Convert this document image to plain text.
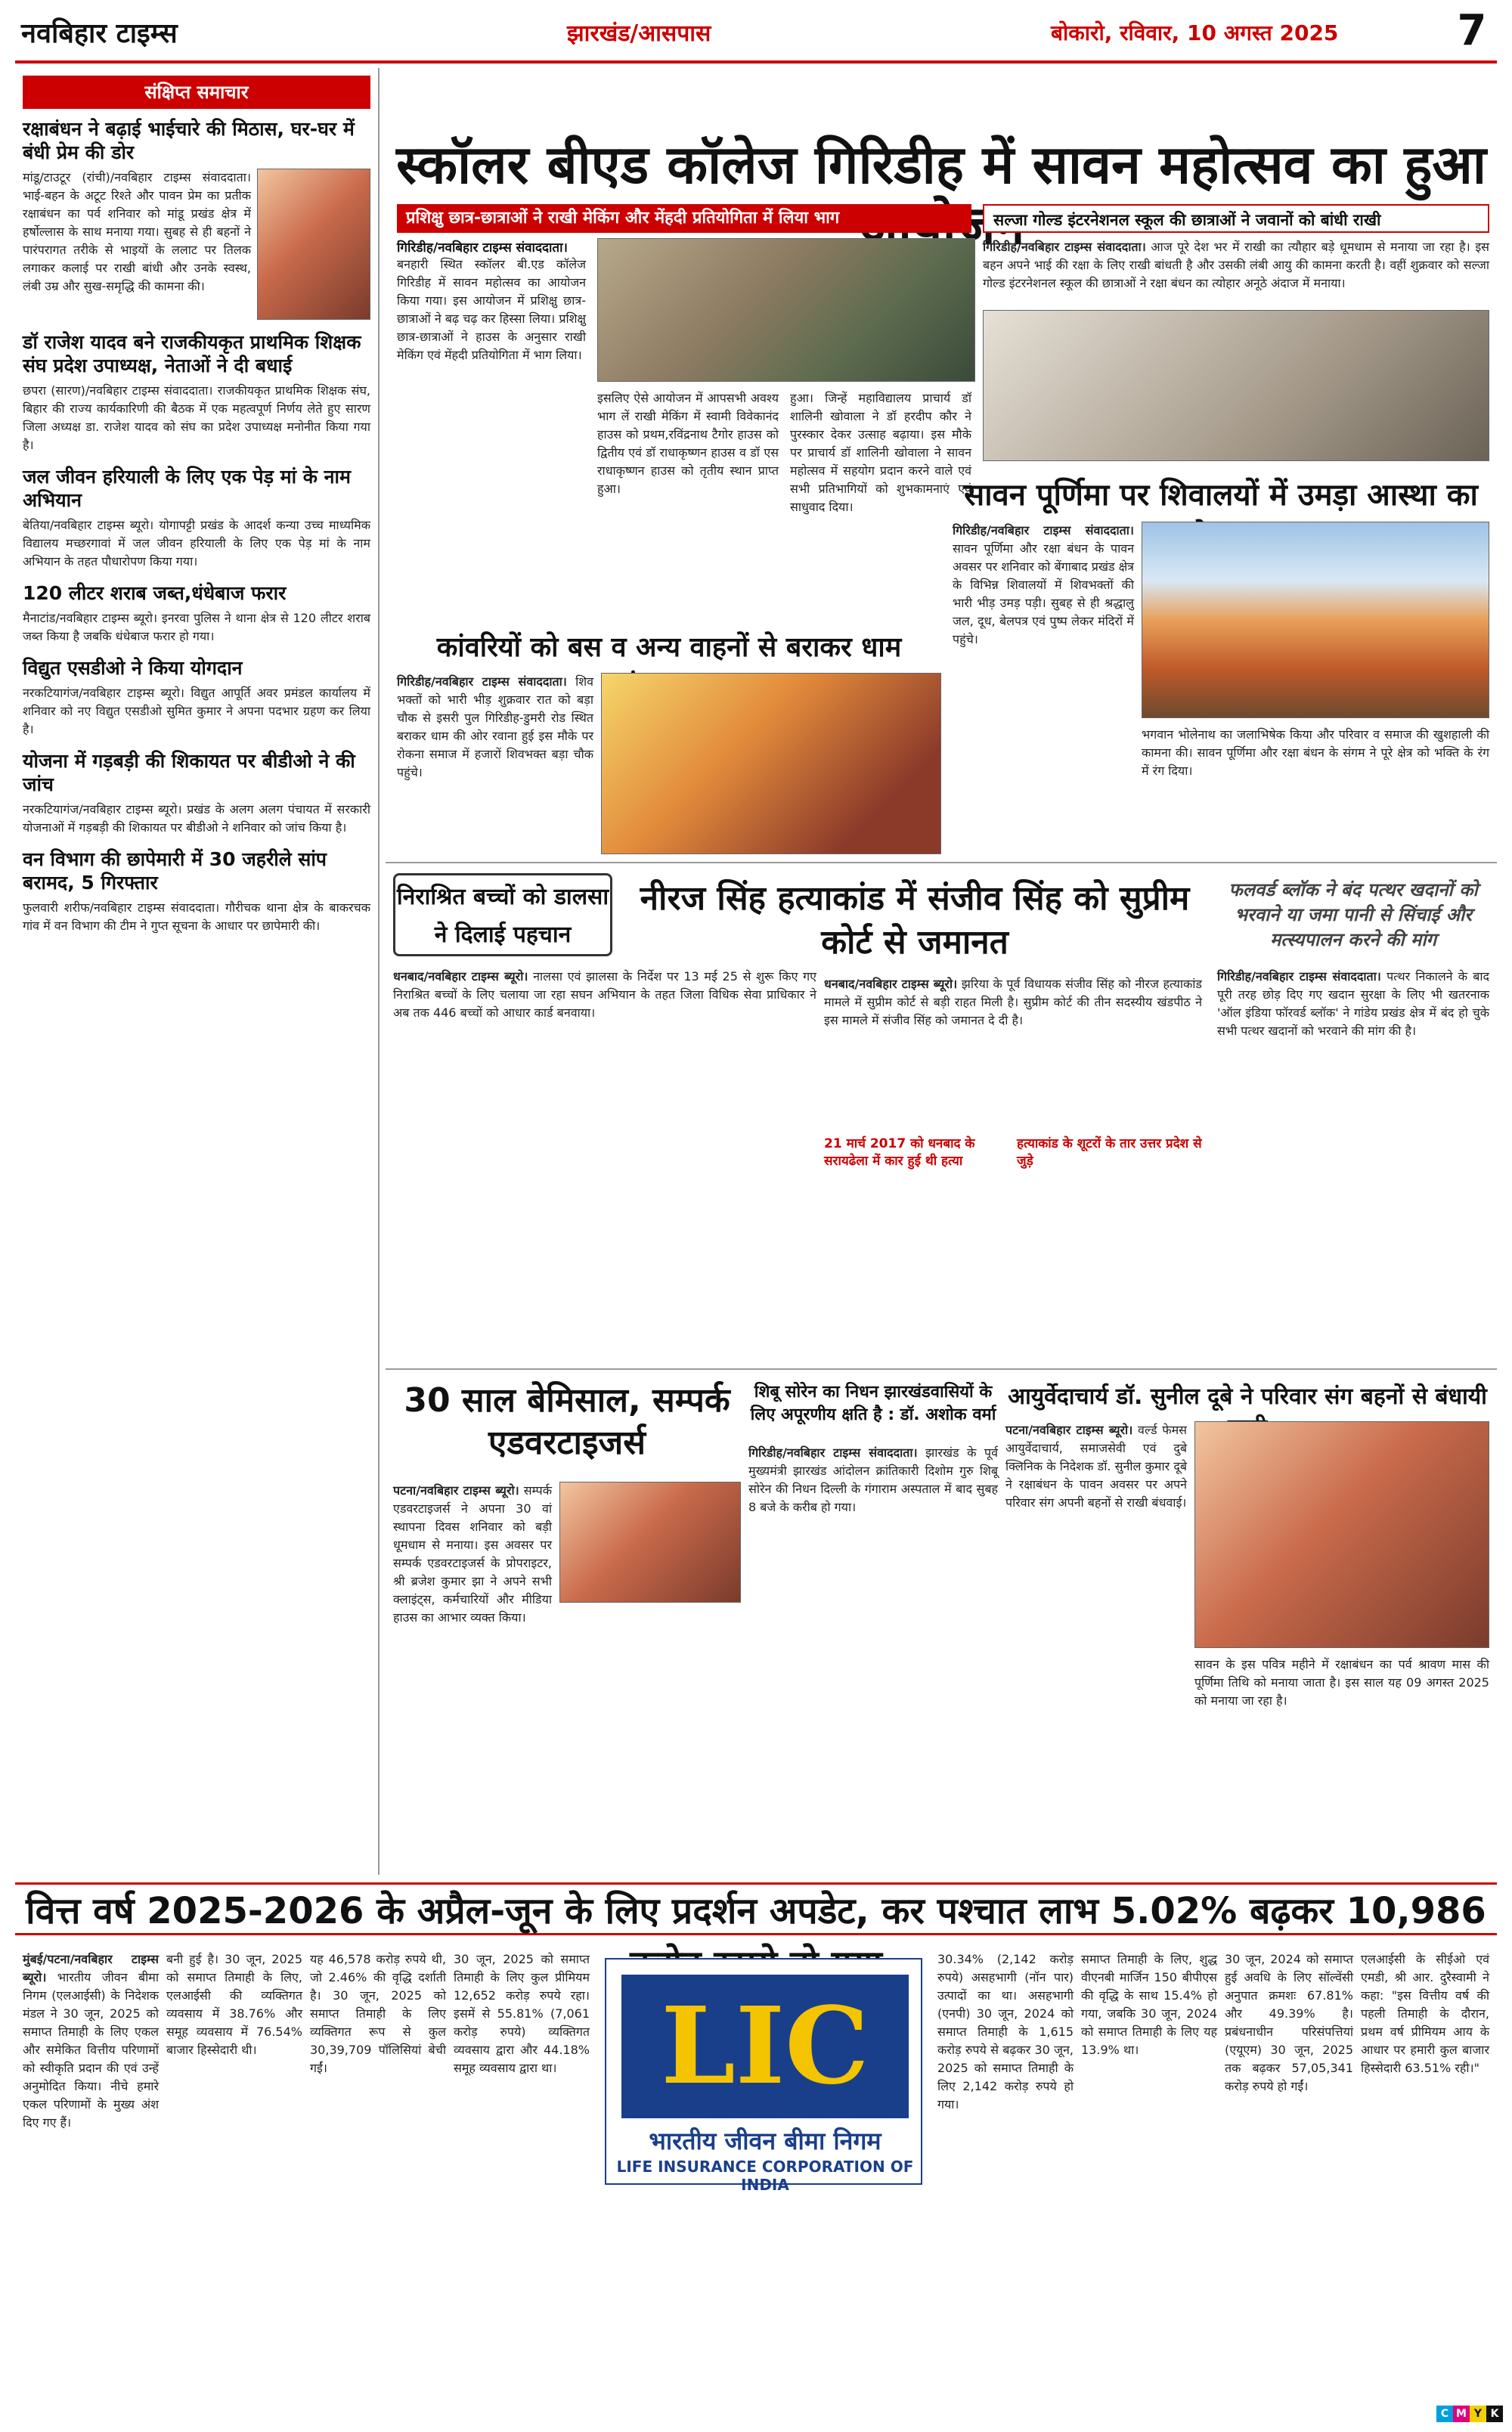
नवबिहार टाइम्स	झारखंड/आसपास	बोकारो, रविवार, 10 अगस्त 2025	7
संक्षिप्त समाचार
रक्षाबंधन ने बढ़ाई भाईचारे की मिठास, घर-घर में बंधी प्रेम की डोर
मांडू/टाउटूर (रांची)/नवबिहार टाइम्स संवाददाता। भाई-बहन के अटूट रिश्ते और पावन प्रेम का प्रतीक रक्षाबंधन का पर्व शनिवार को मांडू प्रखंड क्षेत्र में हर्षोल्लास के साथ मनाया गया। सुबह से ही बहनों ने पारंपरागत तरीके से भाइयों के ललाट पर तिलक लगाकर कलाई पर राखी बांधी और उनके स्वस्थ, लंबी उम्र और सुख-समृद्धि की कामना की।
डॉ राजेश यादव बने राजकीयकृत प्राथमिक शिक्षक संघ प्रदेश उपाध्यक्ष, नेताओं ने दी बधाई
छपरा (सारण)/नवबिहार टाइम्स संवाददाता। राजकीयकृत प्राथमिक शिक्षक संघ, बिहार की राज्य कार्यकारिणी की बैठक में एक महत्वपूर्ण निर्णय लेते हुए सारण जिला अध्यक्ष डा. राजेश यादव को संघ का प्रदेश उपाध्यक्ष मनोनीत किया गया है।
जल जीवन हरियाली के लिए एक पेड़ मां के नाम अभियान
बेतिया/नवबिहार टाइम्स ब्यूरो। योगापट्टी प्रखंड के आदर्श कन्या उच्च माध्यमिक विद्यालय मच्छरगावां में जल जीवन हरियाली के लिए एक पेड़ मां के नाम अभियान के तहत पौधारोपण किया गया।
120 लीटर शराब जब्त,धंधेबाज फरार
मैनाटांड/नवबिहार टाइम्स ब्यूरो। इनरवा पुलिस ने थाना क्षेत्र से 120 लीटर शराब जब्त किया है जबकि धंधेबाज फरार हो गया।
विद्युत एसडीओ ने किया योगदान
नरकटियागंज/नवबिहार टाइम्स ब्यूरो। विद्युत आपूर्ति अवर प्रमंडल कार्यालय में शनिवार को नए विद्युत एसडीओ सुमित कुमार ने अपना पदभार ग्रहण कर लिया है।
योजना में गड़बड़ी की शिकायत पर बीडीओ ने की जांच
नरकटियागंज/नवबिहार टाइम्स ब्यूरो। प्रखंड के अलग अलग पंचायत में सरकारी योजनाओं में गड़बड़ी की शिकायत पर बीडीओ ने शनिवार को जांच किया है।
वन विभाग की छापेमारी में 30 जहरीले सांप बरामद, 5 गिरफ्तार
फुलवारी शरीफ/नवबिहार टाइम्स संवाददाता। गौरीचक थाना क्षेत्र के बाकरचक गांव में वन विभाग की टीम ने गुप्त सूचना के आधार पर छापेमारी की।
स्कॉलर बीएड कॉलेज गिरिडीह में सावन महोत्सव का हुआ
प्रशिक्षु छात्र-छात्राओं ने राखी मेकिंग और मेंहदी प्रतियोगिता में लिया भाग
गिरिडीह/नवबिहार टाइम्स संवाददाता।
बनहारी स्थित स्कॉलर बी.एड कॉलेज गिरिडीह में सावन महोत्सव का आयोजन किया गया। इस आयोजन में प्रशिक्षु छात्र-छात्राओं ने बढ़ चढ़ कर हिस्सा लिया। प्रशिक्षु छात्र-छात्राओं ने हाउस के अनुसार राखी मेकिंग एवं मेंहदी प्रतियोगिता में भाग लिया।
इसलिए ऐसे आयोजन में आपसभी अवश्य भाग लें राखी मेकिंग में स्वामी विवेकानंद हाउस को प्रथम,रविंद्रनाथ टैगोर हाउस को द्वितीय एवं डॉ राधाकृष्णन हाउस व डॉ एस राधाकृष्णन हाउस को तृतीय स्थान प्राप्त हुआ।
हुआ। जिन्हें महाविद्यालय प्राचार्य डॉ शालिनी खोवाला ने डॉ हरदीप कौर ने पुरस्कार देकर उत्साह बढ़ाया। इस मौके पर प्राचार्य डॉ शालिनी खोवाला ने सावन महोत्सव में सहयोग प्रदान करने वाले एवं सभी प्रतिभागियों को शुभकामनाएं एवं साधुवाद दिया।
सल्जा गोल्ड इंटरनेशनल स्कूल की छात्राओं ने जवानों को बांधी राखी
गिरिडीह/नवबिहार टाइम्स संवाददाता। आज पूरे देश भर में राखी का त्यौहार बड़े धूमधाम से मनाया जा रहा है। इस बहन अपने भाई की रक्षा के लिए राखी बांधती है और उसकी लंबी आयु की कामना करती है। वहीं शुक्रवार को सल्जा गोल्ड इंटरनेशनल स्कूल की छात्राओं ने रक्षा बंधन का त्योहार अनूठे अंदाज में मनाया।
सावन पूर्णिमा पर शिवालयों में उमड़ा आस्था का
गिरिडीह/नवबिहार टाइम्स संवाददाता। सावन पूर्णिमा और रक्षा बंधन के पावन अवसर पर शनिवार को बेंगाबाद प्रखंड क्षेत्र के विभिन्न शिवालयों में शिवभक्तों की भारी भीड़ उमड़ पड़ी। सुबह से ही श्रद्धालु जल, दूध, बेलपत्र एवं पुष्प लेकर मंदिरों में पहुंचे।
भगवान भोलेनाथ का जलाभिषेक किया और परिवार व समाज की खुशहाली की कामना की। सावन पूर्णिमा और रक्षा बंधन के संगम ने पूरे क्षेत्र को भक्ति के रंग में रंग दिया।
कांवरियों को बस व अन्य वाहनों से बराकर धाम
गिरिडीह/नवबिहार टाइम्स संवाददाता। शिव भक्तों को भारी भीड़ शुक्रवार रात को बड़ा चौक से इसरी पुल गिरिडीह-डुमरी रोड स्थित बराकर धाम की ओर रवाना हुई इस मौके पर रोकना समाज में हजारों शिवभक्त बड़ा चौक पहुंचे।
निराश्रित बच्चों को डालसा ने दिलाई पहचान
धनबाद/नवबिहार टाइम्स ब्यूरो। नालसा एवं झालसा के निर्देश पर 13 मई 25 से शुरू किए गए निराश्रित बच्चों के लिए चलाया जा रहा सघन अभियान के तहत जिला विधिक सेवा प्राधिकार ने अब तक 446 बच्चों को आधार कार्ड बनवाया।
नीरज सिंह हत्याकांड में संजीव सिंह को सुप्रीम कोर्ट से जमानत
धनबाद/नवबिहार टाइम्स ब्यूरो। झरिया के पूर्व विधायक संजीव सिंह को नीरज हत्याकांड मामले में सुप्रीम कोर्ट से बड़ी राहत मिली है। सुप्रीम कोर्ट की तीन सदस्यीय खंडपीठ ने इस मामले में संजीव सिंह को जमानत दे दी है।
21 मार्च 2017 को धनबाद के सरायढेला में कार हुई थी हत्या
हत्याकांड के शूटरों के तार उत्तर प्रदेश से जुड़े
फलवर्ड ब्लॉक ने बंद पत्थर खदानों को भरवाने या जमा पानी से सिंचाई और मत्स्यपालन करने की मांग
गिरिडीह/नवबिहार टाइम्स संवाददाता। पत्थर निकालने के बाद पूरी तरह छोड़ दिए गए खदान सुरक्षा के लिए भी खतरनाक 'ऑल इंडिया फॉरवर्ड ब्लॉक' ने गांडेय प्रखंड क्षेत्र में बंद हो चुके सभी पत्थर खदानों को भरवाने की मांग की है।
30 साल बेमिसाल, सम्पर्क एडवरटाइजर्स
पटना/नवबिहार टाइम्स ब्यूरो। सम्पर्क एडवरटाइजर्स ने अपना 30 वां स्थापना दिवस शनिवार को बड़ी धूमधाम से मनाया। इस अवसर पर सम्पर्क एडवरटाइजर्स के प्रोपराइटर, श्री ब्रजेश कुमार झा ने अपने सभी क्लाइंट्स, कर्मचारियों और मीडिया हाउस का आभार व्यक्त किया।
शिबू सोरेन का निधन झारखंडवासियों के लिए अपूरणीय क्षति है : डॉ. अशोक वर्मा
गिरिडीह/नवबिहार टाइम्स संवाददाता। झारखंड के पूर्व मुख्यमंत्री झारखंड आंदोलन क्रांतिकारी दिशोम गुरु शिबू सोरेन की निधन दिल्ली के गंगाराम अस्पताल में बाद सुबह 8 बजे के करीब हो गया।
आयुर्वेदाचार्य डॉ. सुनील दूबे ने परिवार संग बहनों से बंधायी
पटना/नवबिहार टाइम्स ब्यूरो। वर्ल्ड फेमस आयुर्वेदाचार्य, समाजसेवी एवं दुबे क्लिनिक के निदेशक डॉ. सुनील कुमार दूबे ने रक्षाबंधन के पावन अवसर पर अपने परिवार संग अपनी बहनों से राखी बंधवाई।
सावन के इस पवित्र महीने में रक्षाबंधन का पर्व श्रावण मास की पूर्णिमा तिथि को मनाया जाता है। इस साल यह 09 अगस्त 2025 को मनाया जा रहा है।
वित्त वर्ष 2025-2026 के अप्रैल-जून के लिए प्रदर्शन अपडेट, कर पश्चात लाभ 5.02% बढ़कर 10,986
मुंबई/पटना/नवबिहार टाइम्स ब्यूरो। भारतीय जीवन बीमा निगम (एलआईसी) के निदेशक मंडल ने 30 जून, 2025 को समाप्त तिमाही के लिए एकल और समेकित वित्तीय परिणामों को स्वीकृति प्रदान की एवं उन्हें अनुमोदित किया। नीचे हमारे एकल परिणामों के मुख्य अंश दिए गए हैं।
बनी हुई है। 30 जून, 2025 को समाप्त तिमाही के लिए, एलआईसी की व्यक्तिगत व्यवसाय में 38.76% और समूह व्यवसाय में 76.54% बाजार हिस्सेदारी थी।
यह 46,578 करोड़ रुपये थी, जो 2.46% की वृद्धि दर्शाती है। 30 जून, 2025 को समाप्त तिमाही के लिए व्यक्तिगत रूप से कुल 30,39,709 पॉलिसियां बेची गईं।
30 जून, 2025 को समाप्त तिमाही के लिए कुल प्रीमियम 12,652 करोड़ रुपये रहा। इसमें से 55.81% (7,061 करोड़ रुपये) व्यक्तिगत व्यवसाय द्वारा और 44.18% समूह व्यवसाय द्वारा था। LIC
भारतीय जीवन बीमा निगम
LIFE INSURANCE CORPORATION OF INDIA
30.34% (2,142 करोड़ रुपये) असहभागी (नॉन पार) उत्पादों का था। असहभागी (एनपी) 30 जून, 2024 को समाप्त तिमाही के 1,615 करोड़ रुपये से बढ़कर 30 जून, 2025 को समाप्त तिमाही के लिए 2,142 करोड़ रुपये हो गया।
समाप्त तिमाही के लिए, शुद्ध वीएनबी मार्जिन 150 बीपीएस की वृद्धि के साथ 15.4% हो गया, जबकि 30 जून, 2024 को समाप्त तिमाही के लिए यह 13.9% था।
30 जून, 2024 को समाप्त हुई अवधि के लिए सॉल्वेंसी अनुपात क्रमशः 67.81% और 49.39% है। प्रबंधनाधीन परिसंपत्तियां (एयूएम) 30 जून, 2025 तक बढ़कर 57,05,341 करोड़ रुपये हो गईं।
एलआईसी के सीईओ एवं एमडी, श्री आर. दुरैस्वामी ने कहा: "इस वित्तीय वर्ष की पहली तिमाही के दौरान, प्रथम वर्ष प्रीमियम आय के आधार पर हमारी कुल बाजार हिस्सेदारी 63.51% रही।"
C M Y K
